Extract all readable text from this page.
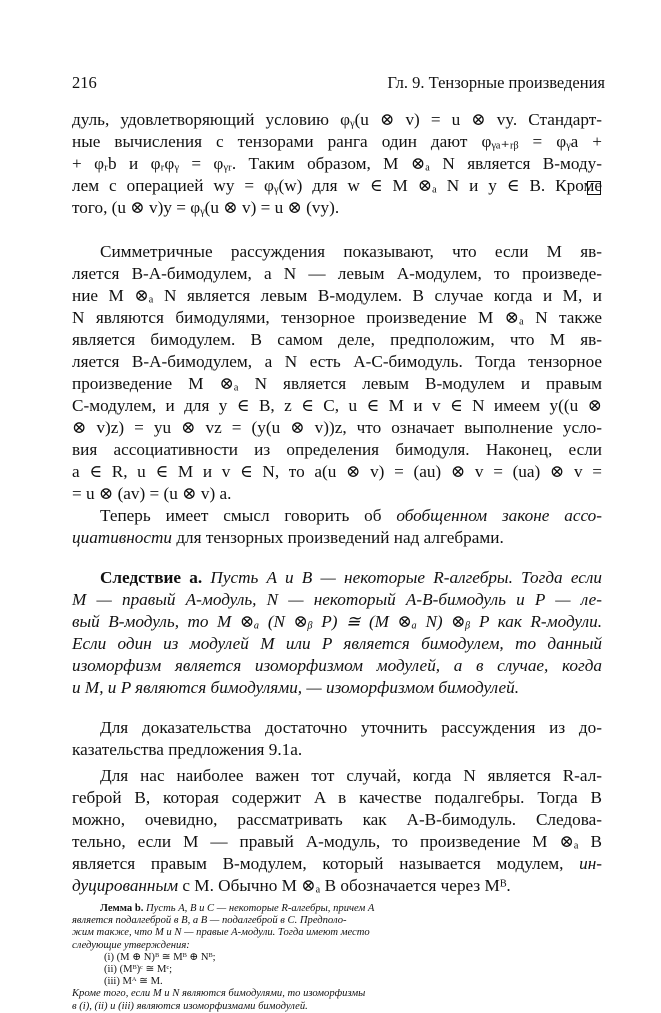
216	Гл. 9. Тензорные произведения
дуль, удовлетворяющий условию φᵧ(u ⊗ v) = u ⊗ vy. Стандарт-
ные вычисления с тензорами ранга один дают φᵧₐ₊ᵣᵦ = φᵧa +
+ φᵣb и φᵣφᵧ = φᵧᵣ. Таким образом, M ⊗ₐ N является B-моду-
лем с операцией wy = φᵧ(w) для w ∈ M ⊗ₐ N и y ∈ B. Кроме
того, (u ⊗ v)y = φᵧ(u ⊗ v) = u ⊗ (vy).
Симметричные рассуждения показывают, что если M яв-
ляется B-A-бимодулем, а N — левым A-модулем, то произведе-
ние M ⊗ₐ N является левым B-модулем. В случае когда и M, и
N являются бимодулями, тензорное произведение M ⊗ₐ N также
является бимодулем. В самом деле, предположим, что M яв-
ляется B-A-бимодулем, а N есть A-C-бимодуль. Тогда тензорное
произведение M ⊗ₐ N является левым B-модулем и правым
C-модулем, и для y ∈ B, z ∈ C, u ∈ M и v ∈ N имеем y((u ⊗
⊗ v)z) = yu ⊗ vz = (y(u ⊗ v))z, что означает выполнение усло-
вия ассоциативности из определения бимодуля. Наконец, если
a ∈ R, u ∈ M и v ∈ N, то a(u ⊗ v) = (au) ⊗ v = (ua) ⊗ v =
= u ⊗ (av) = (u ⊗ v) a.
Теперь имеет смысл говорить об обобщенном законе ассо-
циативности для тензорных произведений над алгебрами.
Следствие a. Пусть A и B — некоторые R-алгебры. Тогда если
M — правый A-модуль, N — некоторый A-B-бимодуль и P — ле-
вый B-модуль, то M ⊗ₐ (N ⊗ᵦ P) ≅ (M ⊗ₐ N) ⊗ᵦ P как R-модули.
Если один из модулей M или P является бимодулем, то данный
изоморфизм является изоморфизмом модулей, а в случае, когда
и M, и P являются бимодулями, — изоморфизмом бимодулей.
Для доказательства достаточно уточнить рассуждения из до-
казательства предложения 9.1a.
Для нас наиболее важен тот случай, когда N является R-ал-
геброй B, которая содержит A в качестве подалгебры. Тогда B
можно, очевидно, рассматривать как A-B-бимодуль. Следова-
тельно, если M — правый A-модуль, то произведение M ⊗ₐ B
является правым B-модулем, который называется модулем, ин-
дуцированным с M. Обычно M ⊗ₐ B обозначается через Mᴮ.
Лемма b. Пусть A, B и C — некоторые R-алгебры, причем A
является подалгеброй в B, а B — подалгеброй в C. Предполо-
жим также, что M и N — правые A-модули. Тогда имеют место
следующие утверждения:
(i) (M ⊕ N)ᴮ ≅ Mᴮ ⊕ Nᴮ;
(ii) (Mᴮ)ᶜ ≅ Mᶜ;
(iii) Mᴬ ≅ M.
Кроме того, если M и N являются бимодулями, то изоморфизмы
в (i), (ii) и (iii) являются изоморфизмами бимодулей.
